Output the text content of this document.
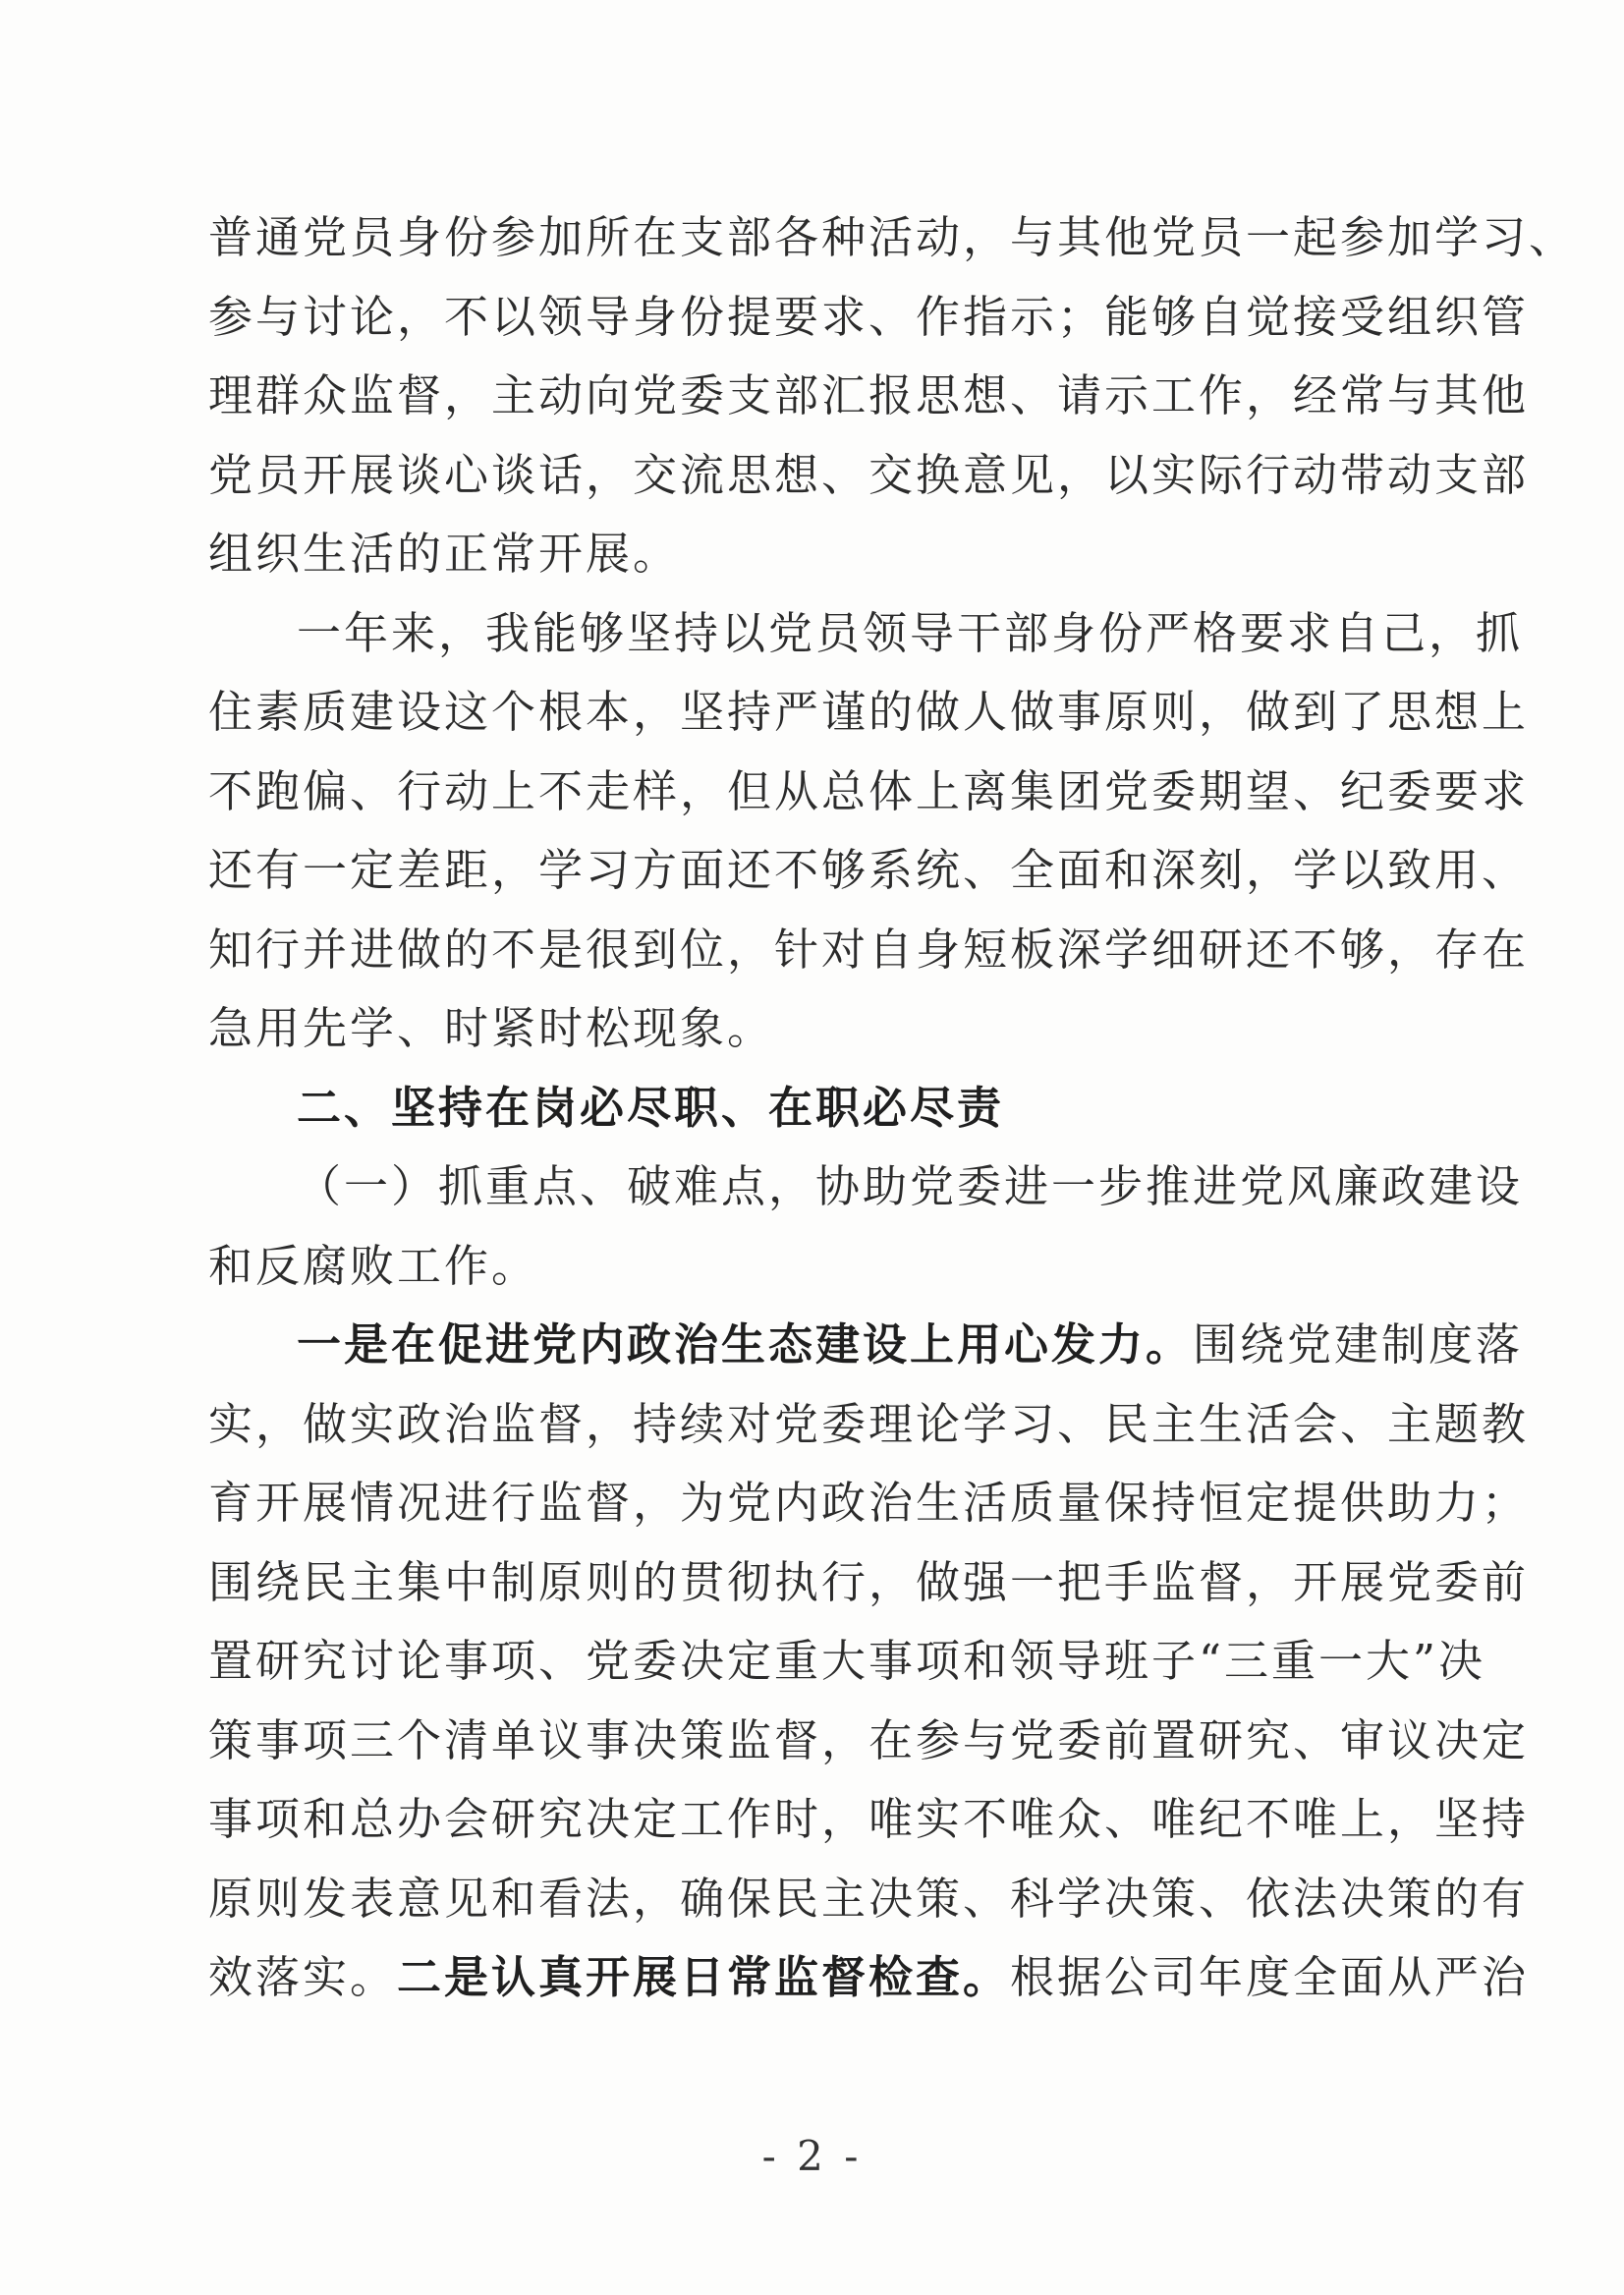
普通党员身份参加所在支部各种活动，与其他党员一起参加学习、
参与讨论，不以领导身份提要求、作指示；能够自觉接受组织管
理群众监督，主动向党委支部汇报思想、请示工作，经常与其他
党员开展谈心谈话，交流思想、交换意见，以实际行动带动支部
组织生活的正常开展。
一年来，我能够坚持以党员领导干部身份严格要求自己，抓
住素质建设这个根本，坚持严谨的做人做事原则，做到了思想上
不跑偏、行动上不走样，但从总体上离集团党委期望、纪委要求
还有一定差距，学习方面还不够系统、全面和深刻，学以致用、
知行并进做的不是很到位，针对自身短板深学细研还不够，存在
急用先学、时紧时松现象。
二、坚持在岗必尽职、在职必尽责
（一）抓重点、破难点，协助党委进一步推进党风廉政建设
和反腐败工作。
一是在促进党内政治生态建设上用心发力。围绕党建制度落
实，做实政治监督，持续对党委理论学习、民主生活会、主题教
育开展情况进行监督，为党内政治生活质量保持恒定提供助力；
围绕民主集中制原则的贯彻执行，做强一把手监督，开展党委前
置研究讨论事项、党委决定重大事项和领导班子“三重一大”决
策事项三个清单议事决策监督，在参与党委前置研究、审议决定
事项和总办会研究决定工作时，唯实不唯众、唯纪不唯上，坚持
原则发表意见和看法，确保民主决策、科学决策、依法决策的有
效落实。二是认真开展日常监督检查。根据公司年度全面从严治
- 2 -
